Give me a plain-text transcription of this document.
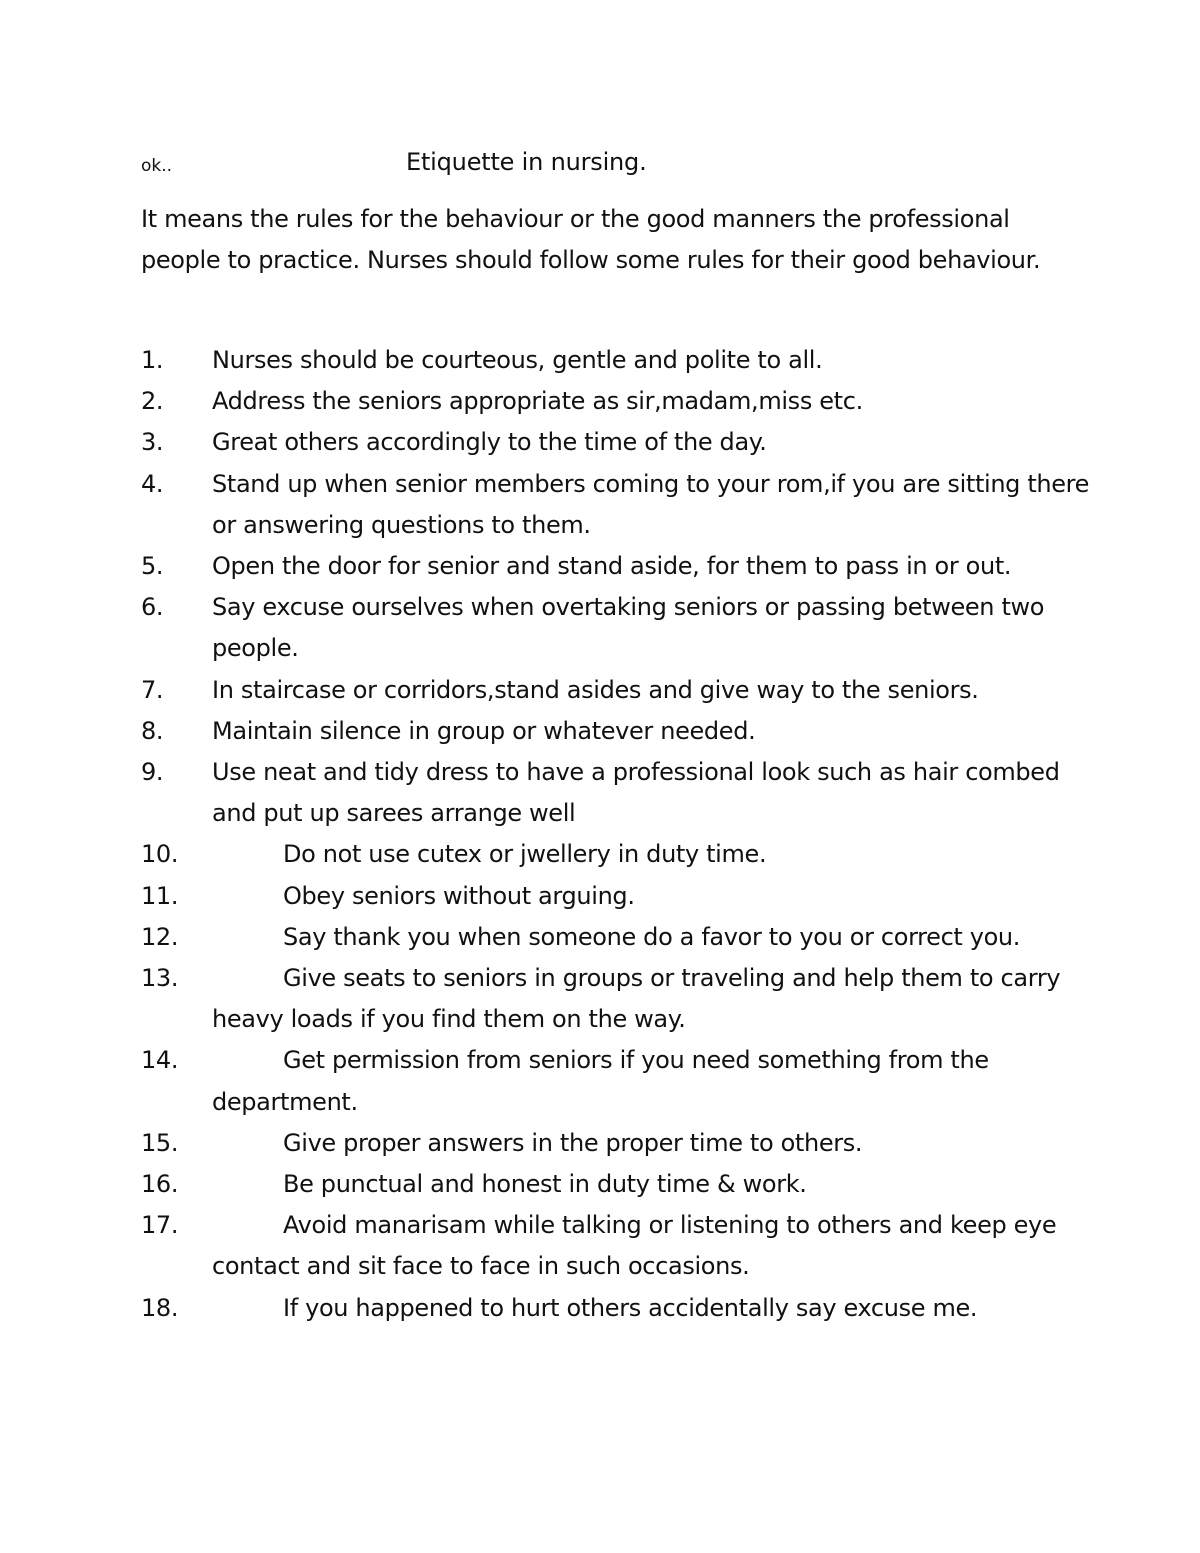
ok..	Etiquette in nursing.

It means the rules for the behaviour or the good manners the professional people to practice. Nurses should follow some rules for their good behaviour.

1. Nurses should be courteous, gentle and polite to all.
2. Address the seniors appropriate as sir,madam,miss etc.
3. Great others accordingly to the time of the day.
4. Stand up when senior members coming to your rom,if you are sitting there or answering questions to them.
5. Open the door for senior and stand aside, for them to pass in or out.
6. Say excuse ourselves when overtaking seniors or passing between two people.
7. In staircase or corridors,stand asides and give way to the seniors.
8. Maintain silence in group or whatever needed.
9. Use neat and tidy dress to have a professional look such as hair combed and put up sarees arrange well
10.	Do not use cutex or jwellery in duty time.
11.	Obey seniors without arguing.
12.	Say thank you when someone do a favor to you or correct you.
13.	Give seats to seniors in groups or traveling and help them to carry heavy loads if you find them on the way.
14.	Get permission from seniors if you need something from the department.
15.	Give proper answers in the proper time to others.
16.	Be punctual and honest in duty time & work.
17.	Avoid manarisam while talking or listening to others and keep eye contact and sit face to face in such occasions.
18.	If you happened to hurt others accidentally say excuse me.
